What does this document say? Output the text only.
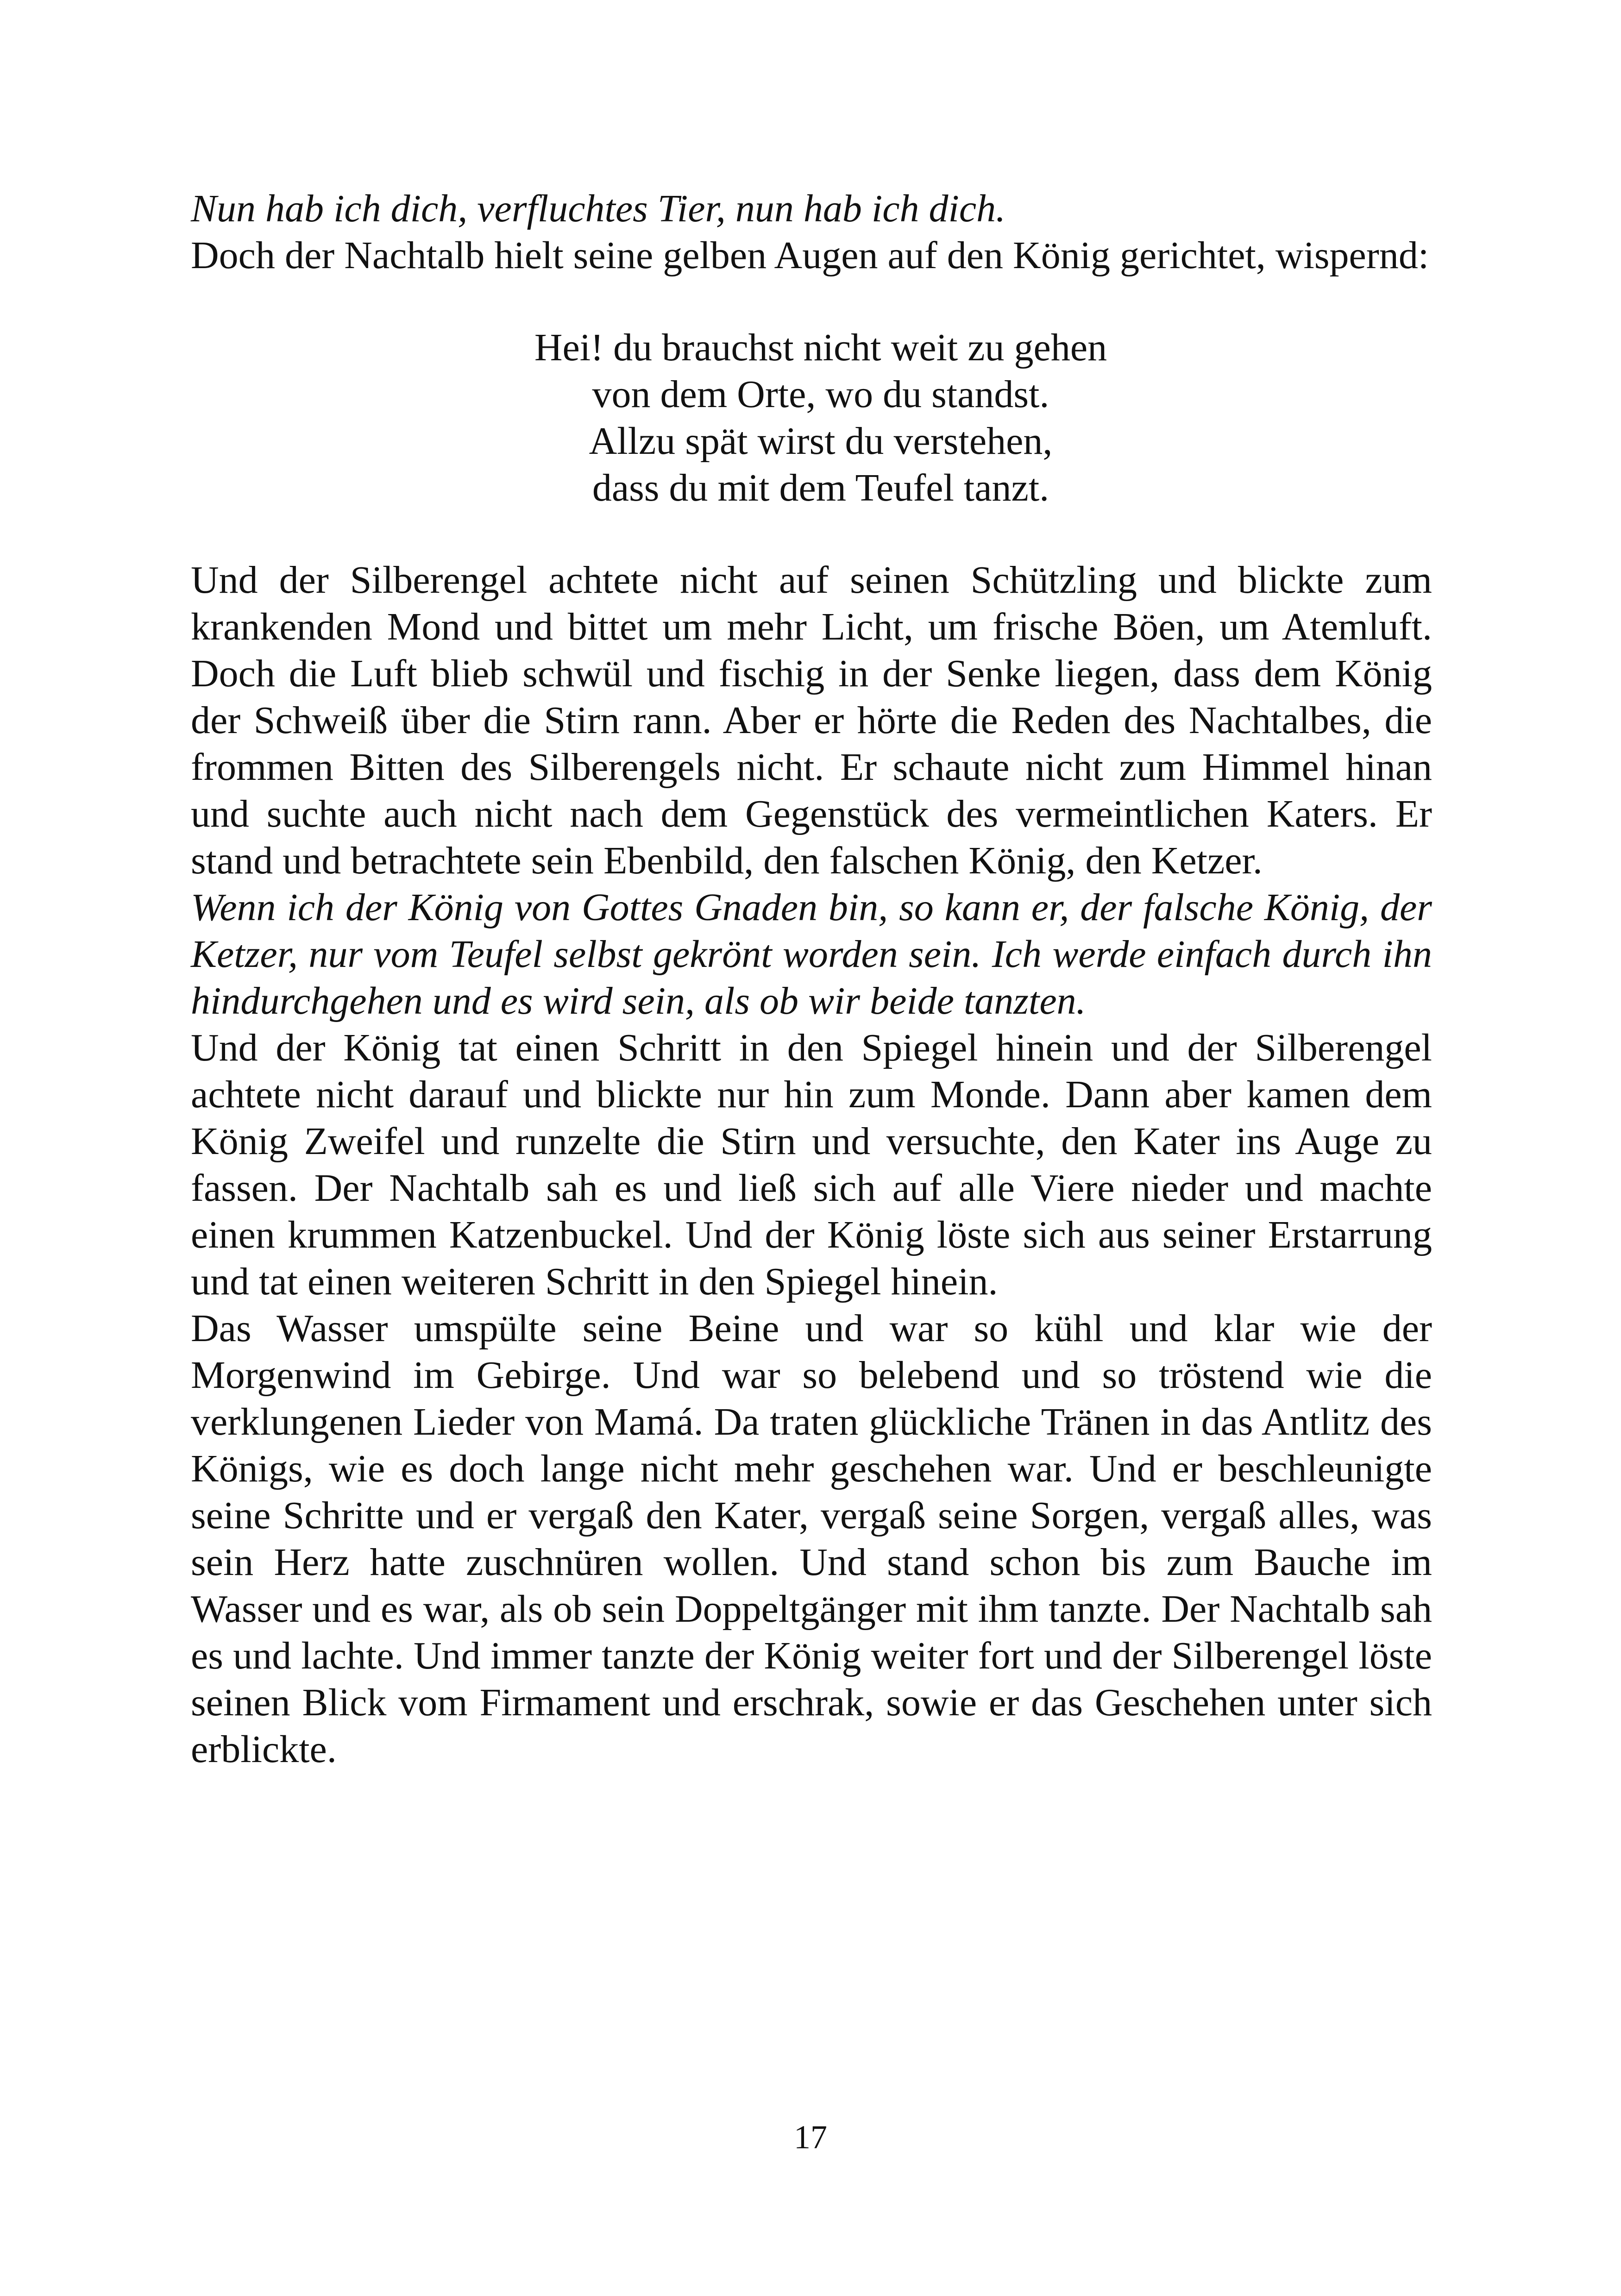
Nun hab ich dich, verfluchtes Tier, nun hab ich dich.

Doch der Nachtalb hielt seine gelben Augen auf den König gerichtet, wispernd:

Hei! du brauchst nicht weit zu gehen
von dem Orte, wo du standst.
Allzu spät wirst du verstehen,
dass du mit dem Teufel tanzt.

Und der Silberengel achtete nicht auf seinen Schützling und blickte zum krankenden Mond und bittet um mehr Licht, um frische Böen, um Atemluft. Doch die Luft blieb schwül und fischig in der Senke liegen, dass dem König der Schweiß über die Stirn rann. Aber er hörte die Reden des Nachtalbes, die frommen Bitten des Silberengels nicht. Er schaute nicht zum Himmel hinan und suchte auch nicht nach dem Gegenstück des vermeintlichen Katers. Er stand und betrachtete sein Ebenbild, den falschen König, den Ketzer.

Wenn ich der König von Gottes Gnaden bin, so kann er, der falsche König, der Ketzer, nur vom Teufel selbst gekrönt worden sein. Ich werde einfach durch ihn hindurchgehen und es wird sein, als ob wir beide tanzten.

Und der König tat einen Schritt in den Spiegel hinein und der Silberengel achtete nicht darauf und blickte nur hin zum Monde. Dann aber kamen dem König Zweifel und runzelte die Stirn und versuchte, den Kater ins Auge zu fassen. Der Nachtalb sah es und ließ sich auf alle Viere nieder und machte einen krummen Katzenbuckel. Und der König löste sich aus seiner Erstarrung und tat einen weiteren Schritt in den Spiegel hinein.

Das Wasser umspülte seine Beine und war so kühl und klar wie der Morgenwind im Gebirge. Und war so belebend und so tröstend wie die verklungenen Lieder von Mamá. Da traten glückliche Tränen in das Antlitz des Königs, wie es doch lange nicht mehr geschehen war. Und er beschleunigte seine Schritte und er vergaß den Kater, vergaß seine Sorgen, vergaß alles, was sein Herz hatte zuschnüren wollen. Und stand schon bis zum Bauche im Wasser und es war, als ob sein Doppeltgänger mit ihm tanzte. Der Nachtalb sah es und lachte. Und immer tanzte der König weiter fort und der Silberengel löste seinen Blick vom Firmament und erschrak, sowie er das Geschehen unter sich erblickte.

17
